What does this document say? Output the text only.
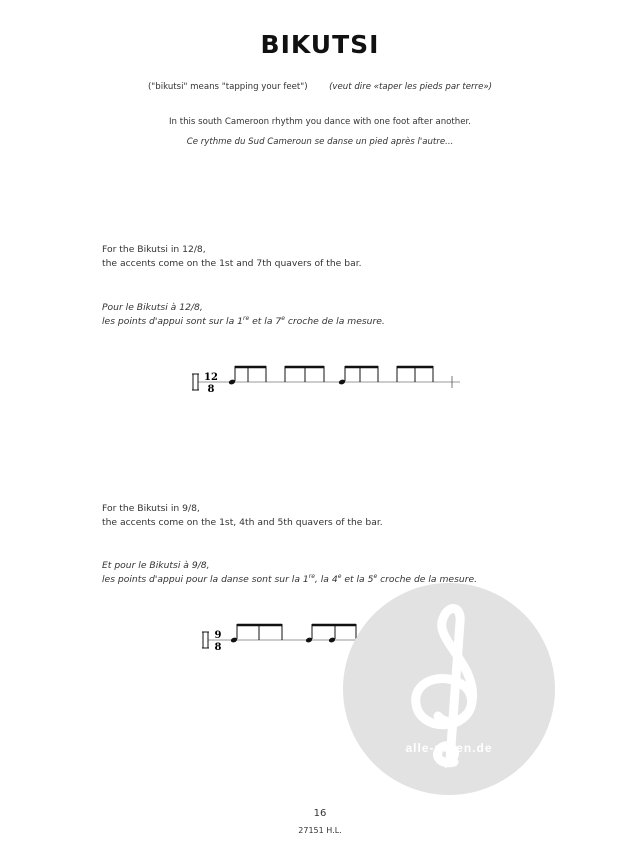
BIKUTSI
("bikutsi" means "tapping your feet") (veut dire «taper les pieds par terre»)
In this south Cameroon rhythm you dance with one foot after another.
Ce rythme du Sud Cameroun se danse un pied après l'autre...
For the Bikutsi in 12/8,
the accents come on the 1st and 7th quavers of the bar.
Pour le Bikutsi à 12/8,
les points d'appui sont sur la 1re et la 7e croche de la mesure.
12
8
For the Bikutsi in 9/8,
the accents come on the 1st, 4th and 5th quavers of the bar.
Et pour le Bikutsi à 9/8,
les points d'appui pour la danse sont sur la 1re, la 4e et la 5e croche de la mesure.
9
8
alle-noten.de
16
27151 H.L.
